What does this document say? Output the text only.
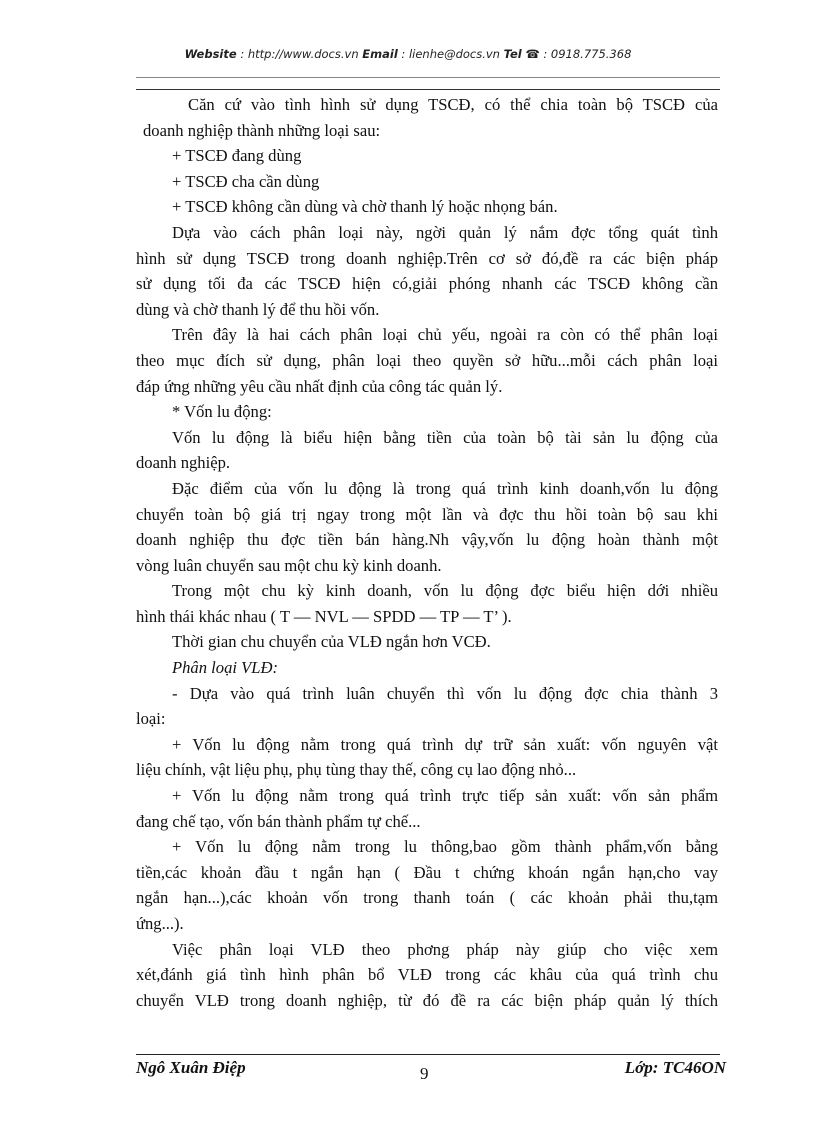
Website : http://www.docs.vn Email : lienhe@docs.vn Tel ☎ : 0918.775.368
Căn cứ vào tình hình sử dụng TSCĐ, có thể chia toàn bộ TSCĐ của
doanh nghiệp thành những loại sau:
+ TSCĐ đang dùng
+ TSCĐ cha cần dùng
+ TSCĐ không cần dùng và chờ thanh lý hoặc nhọng bán.
Dựa vào cách phân loại này, ngời quản lý nắm đợc tổng quát tình
hình sử dụng TSCĐ trong doanh nghiệp.Trên cơ sở đó,đề ra các biện pháp
sử dụng tối đa các TSCĐ hiện có,giải phóng nhanh các TSCĐ không cần
dùng và chờ thanh lý để thu hồi vốn.
Trên đây là hai cách phân loại chủ yếu, ngoài ra còn có thể phân loại
theo mục đích sử dụng, phân loại theo quyền sở hữu...mỗi cách phân loại
đáp ứng những yêu cầu nhất định của công tác quản lý.
* Vốn lu động:
Vốn lu động là biểu hiện bằng tiền của toàn bộ tài sản lu động của
doanh nghiệp.
Đặc điểm của vốn lu động là trong quá trình kinh doanh,vốn lu động
chuyển toàn bộ giá trị ngay trong một lần và đợc thu hồi toàn bộ sau khi
doanh nghiệp thu đợc tiền bán hàng.Nh vậy,vốn lu động hoàn thành một
vòng luân chuyển sau một chu kỳ kinh doanh.
Trong một chu kỳ kinh doanh, vốn lu động đợc biểu hiện dới nhiều
hình thái khác nhau ( T — NVL — SPDD — TP — T’ ).
Thời gian chu chuyển của VLĐ ngắn hơn VCĐ.
Phân loại VLĐ:
- Dựa vào quá trình luân chuyển thì vốn lu động đợc chia thành 3
loại:
+ Vốn lu động nằm trong quá trình dự trữ sản xuất: vốn nguyên vật
liệu chính, vật liệu phụ, phụ tùng thay thế, công cụ lao động nhỏ...
+ Vốn lu động nằm trong quá trình trực tiếp sản xuất: vốn sản phẩm
đang chế tạo, vốn bán thành phẩm tự chế...
+ Vốn lu động nằm trong lu thông,bao gồm thành phẩm,vốn bằng
tiền,các khoản đầu t ngắn hạn ( Đầu t chứng khoán ngắn hạn,cho vay
ngắn hạn...),các khoản vốn trong thanh toán ( các khoản phải thu,tạm
ứng...).
Việc phân loại VLĐ theo phơng pháp này giúp cho việc xem
xét,đánh giá tình hình phân bổ VLĐ trong các khâu của quá trình chu
chuyển VLĐ trong doanh nghiệp, từ đó đề ra các biện pháp quản lý thích
Ngô Xuân Điệp	9	Lớp: TC46ON
